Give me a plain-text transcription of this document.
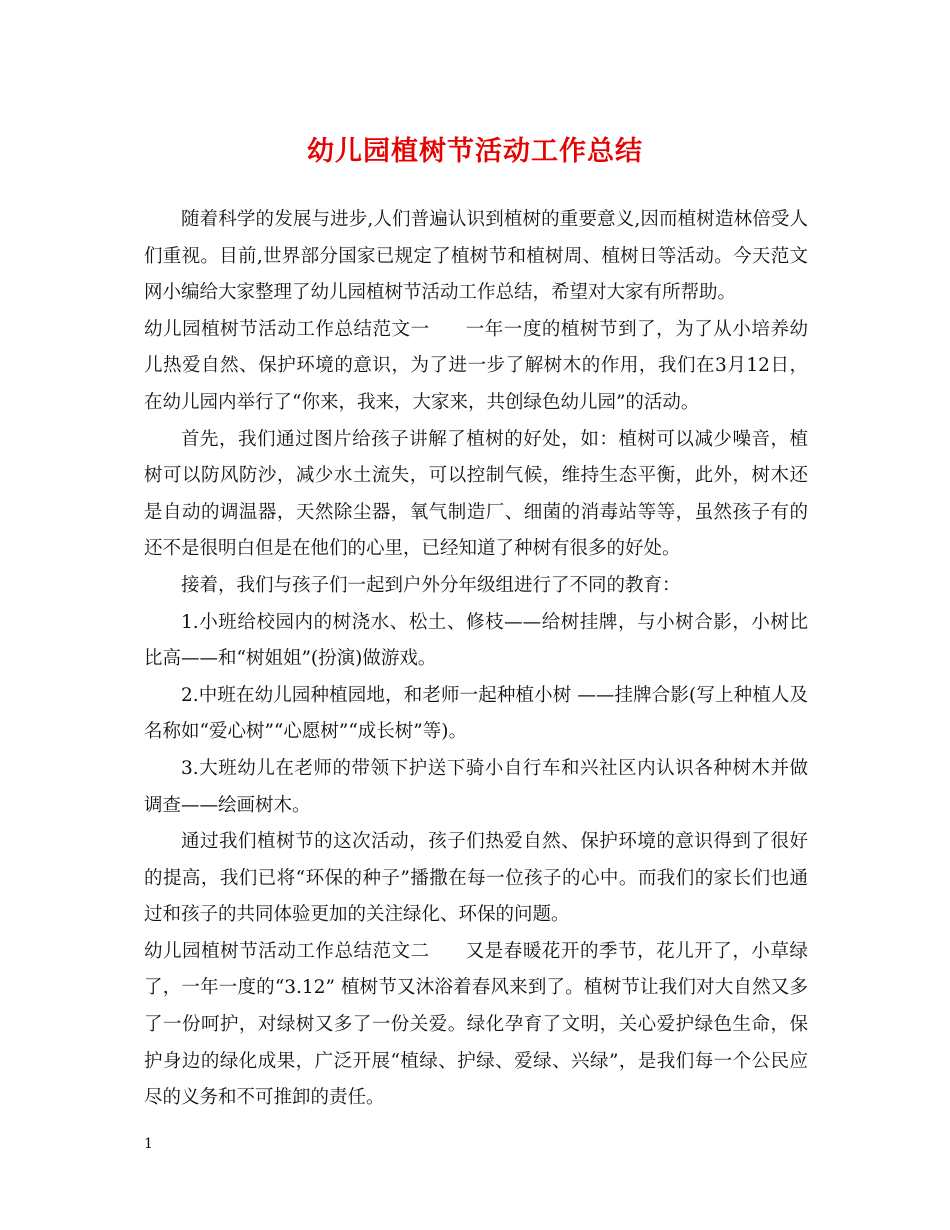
幼儿园植树节活动工作总结

随着科学的发展与进步,人们普遍认识到植树的重要意义,因而植树造林倍受人们重视。目前,世界部分国家已规定了植树节和植树周、植树日等活动。今天范文网小编给大家整理了幼儿园植树节活动工作总结，希望对大家有所帮助。

幼儿园植树节活动工作总结范文一 一年一度的植树节到了，为了从小培养幼儿热爱自然、保护环境的意识，为了进一步了解树木的作用，我们在3月12日，在幼儿园内举行了“你来，我来，大家来，共创绿色幼儿园”的活动。

首先，我们通过图片给孩子讲解了植树的好处，如：植树可以减少噪音，植树可以防风防沙，减少水土流失，可以控制气候，维持生态平衡，此外，树木还是自动的调温器，天然除尘器，氧气制造厂、细菌的消毒站等等，虽然孩子有的还不是很明白但是在他们的心里，已经知道了种树有很多的好处。

接着，我们与孩子们一起到户外分年级组进行了不同的教育：

1.小班给校园内的树浇水、松土、修枝——给树挂牌，与小树合影，小树比比高——和“树姐姐”(扮演)做游戏。

2.中班在幼儿园种植园地，和老师一起种植小树 ——挂牌合影(写上种植人及名称如“爱心树”“心愿树”“成长树”等)。

3.大班幼儿在老师的带领下护送下骑小自行车和兴社区内认识各种树木并做调查——绘画树木。

通过我们植树节的这次活动，孩子们热爱自然、保护环境的意识得到了很好的提高，我们已将“环保的种子”播撒在每一位孩子的心中。而我们的家长们也通过和孩子的共同体验更加的关注绿化、环保的问题。

幼儿园植树节活动工作总结范文二 又是春暖花开的季节，花儿开了，小草绿了，一年一度的“3.12” 植树节又沐浴着春风来到了。植树节让我们对大自然又多了一份呵护，对绿树又多了一份关爱。绿化孕育了文明，关心爱护绿色生命，保护身边的绿化成果，广泛开展“植绿、护绿、爱绿、兴绿”，是我们每一个公民应尽的义务和不可推卸的责任。

1
